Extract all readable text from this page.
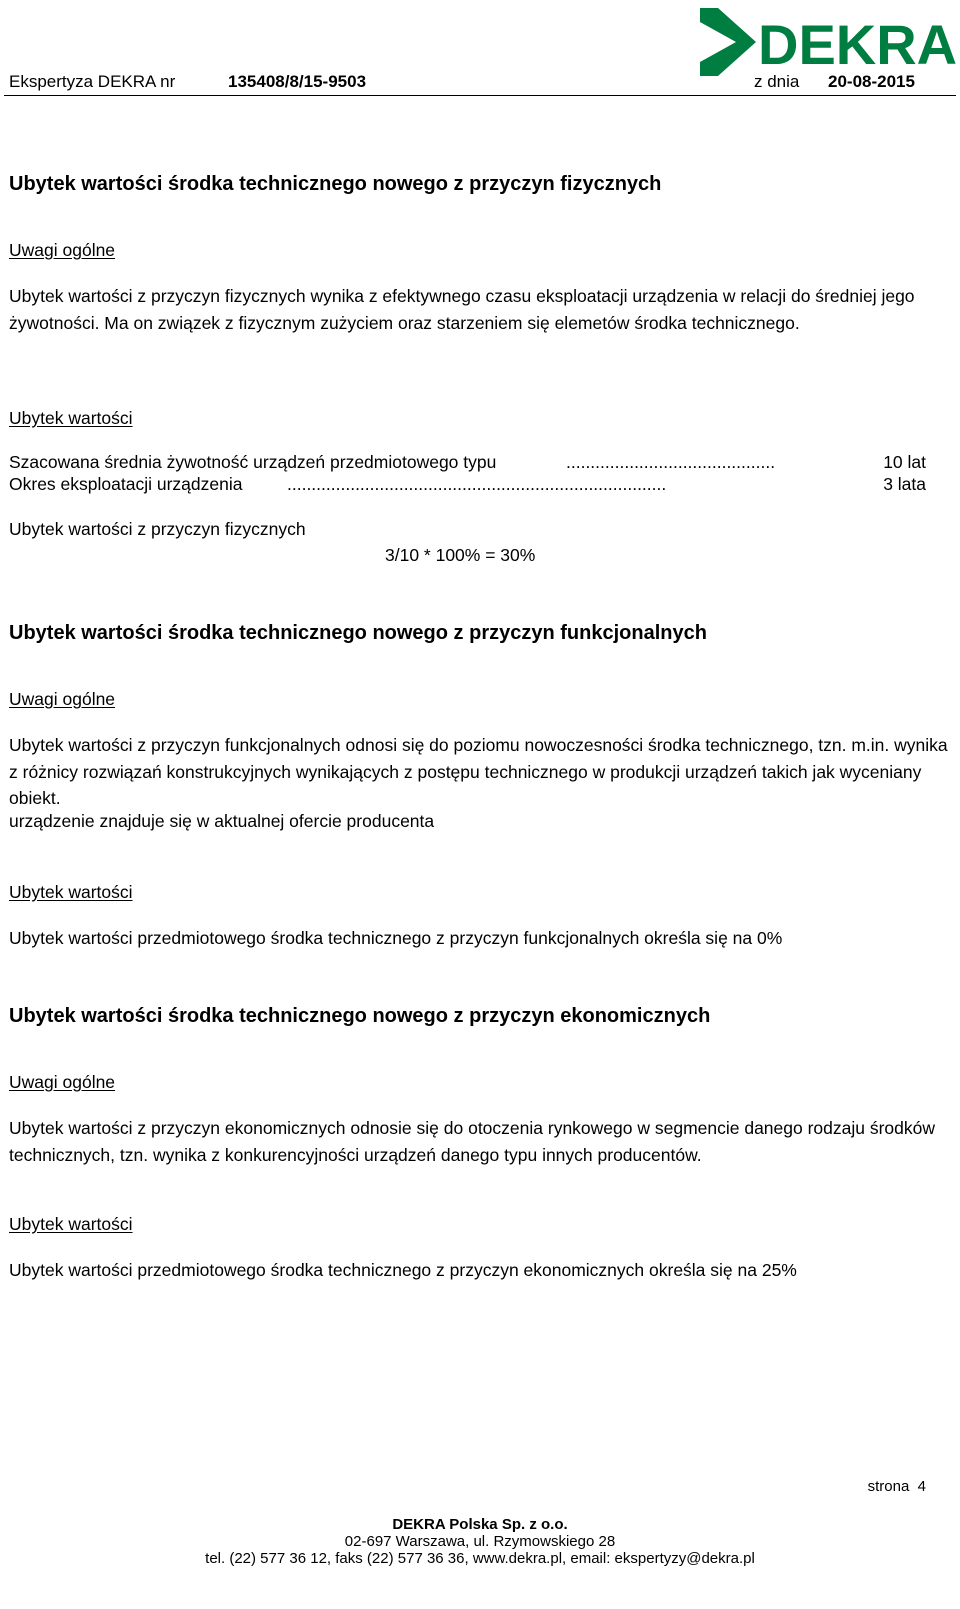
Ekspertyza DEKRA nr	135408/8/15-9503	z dnia 20-08-2015
DEKRA
Ubytek wartości środka technicznego nowego z przyczyn fizycznych
Uwagi ogólne
Ubytek wartości z przyczyn fizycznych wynika z efektywnego czasu eksploatacji urządzenia w relacji do średniej jego żywotności. Ma on związek z fizycznym zużyciem oraz starzeniem się elemetów środka technicznego.
Ubytek wartości
Szacowana średnia żywotność urządzeń przedmiotowego typu	...........................................	10 lat
Okres eksploatacji urządzenia	..............................................................................	3 lata
Ubytek wartości z przyczyn fizycznych
3/10 * 100% = 30%
Ubytek wartości środka technicznego nowego z przyczyn funkcjonalnych
Uwagi ogólne
Ubytek wartości z przyczyn funkcjonalnych odnosi się do poziomu nowoczesności środka technicznego, tzn. m.in. wynika z różnicy rozwiązań konstrukcyjnych wynikających z postępu technicznego w produkcji urządzeń takich jak wyceniany obiekt.
urządzenie znajduje się w aktualnej ofercie producenta
Ubytek wartości
Ubytek wartości przedmiotowego środka technicznego z przyczyn funkcjonalnych określa się na 0%
Ubytek wartości środka technicznego nowego z przyczyn ekonomicznych
Uwagi ogólne
Ubytek wartości z przyczyn ekonomicznych odnosie się do otoczenia rynkowego w segmencie danego rodzaju środków technicznych, tzn. wynika z konkurencyjności urządzeń danego typu innych producentów.
Ubytek wartości
Ubytek wartości przedmiotowego środka technicznego z przyczyn ekonomicznych określa się na 25%
strona 4
DEKRA Polska Sp. z o.o.
02-697 Warszawa, ul. Rzymowskiego 28
tel. (22) 577 36 12, faks (22) 577 36 36, www.dekra.pl, email: ekspertyzy@dekra.pl
